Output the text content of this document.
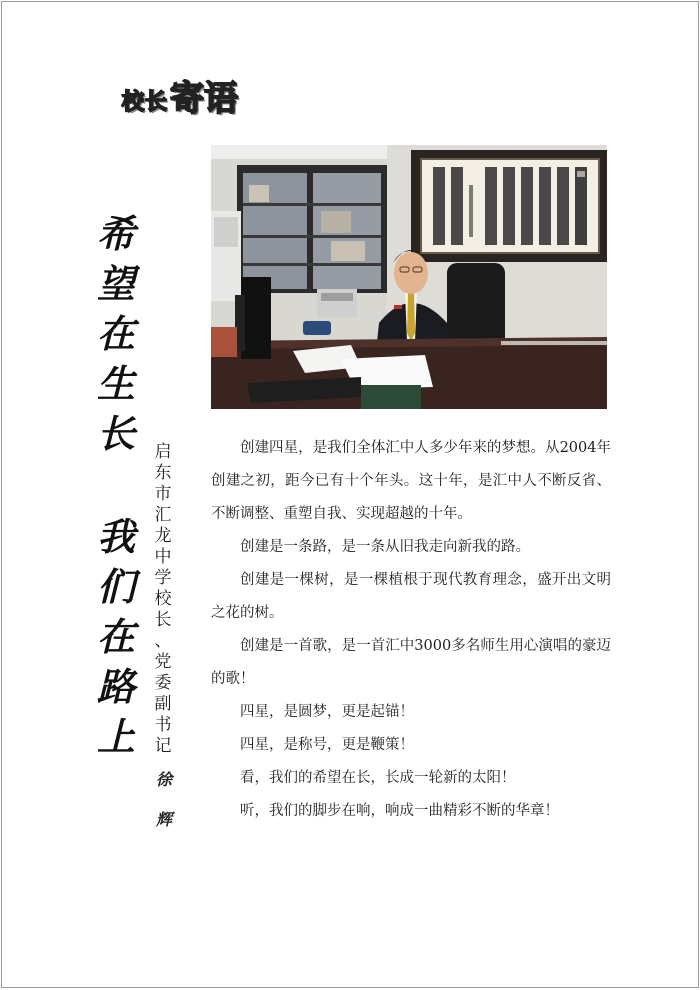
校长 寄语
希
望
在
生
长
我
们
在
路
上
启
东
市
汇
龙
中
学
校
长
、
党
委
副
书
记
徐
辉

创建四星，是我们全体汇中人多少年来的梦想。从2004年创建之初，距今已有十个年头。这十年，是汇中人不断反省、不断调整、重塑自我、实现超越的十年。

创建是一条路，是一条从旧我走向新我的路。

创建是一棵树，是一棵植根于现代教育理念，盛开出文明之花的树。

创建是一首歌，是一首汇中3000多名师生用心演唱的豪迈的歌！

四星，是圆梦，更是起锚！

四星，是称号，更是鞭策！

看，我们的希望在长，长成一轮新的太阳！

听，我们的脚步在响，响成一曲精彩不断的华章！
